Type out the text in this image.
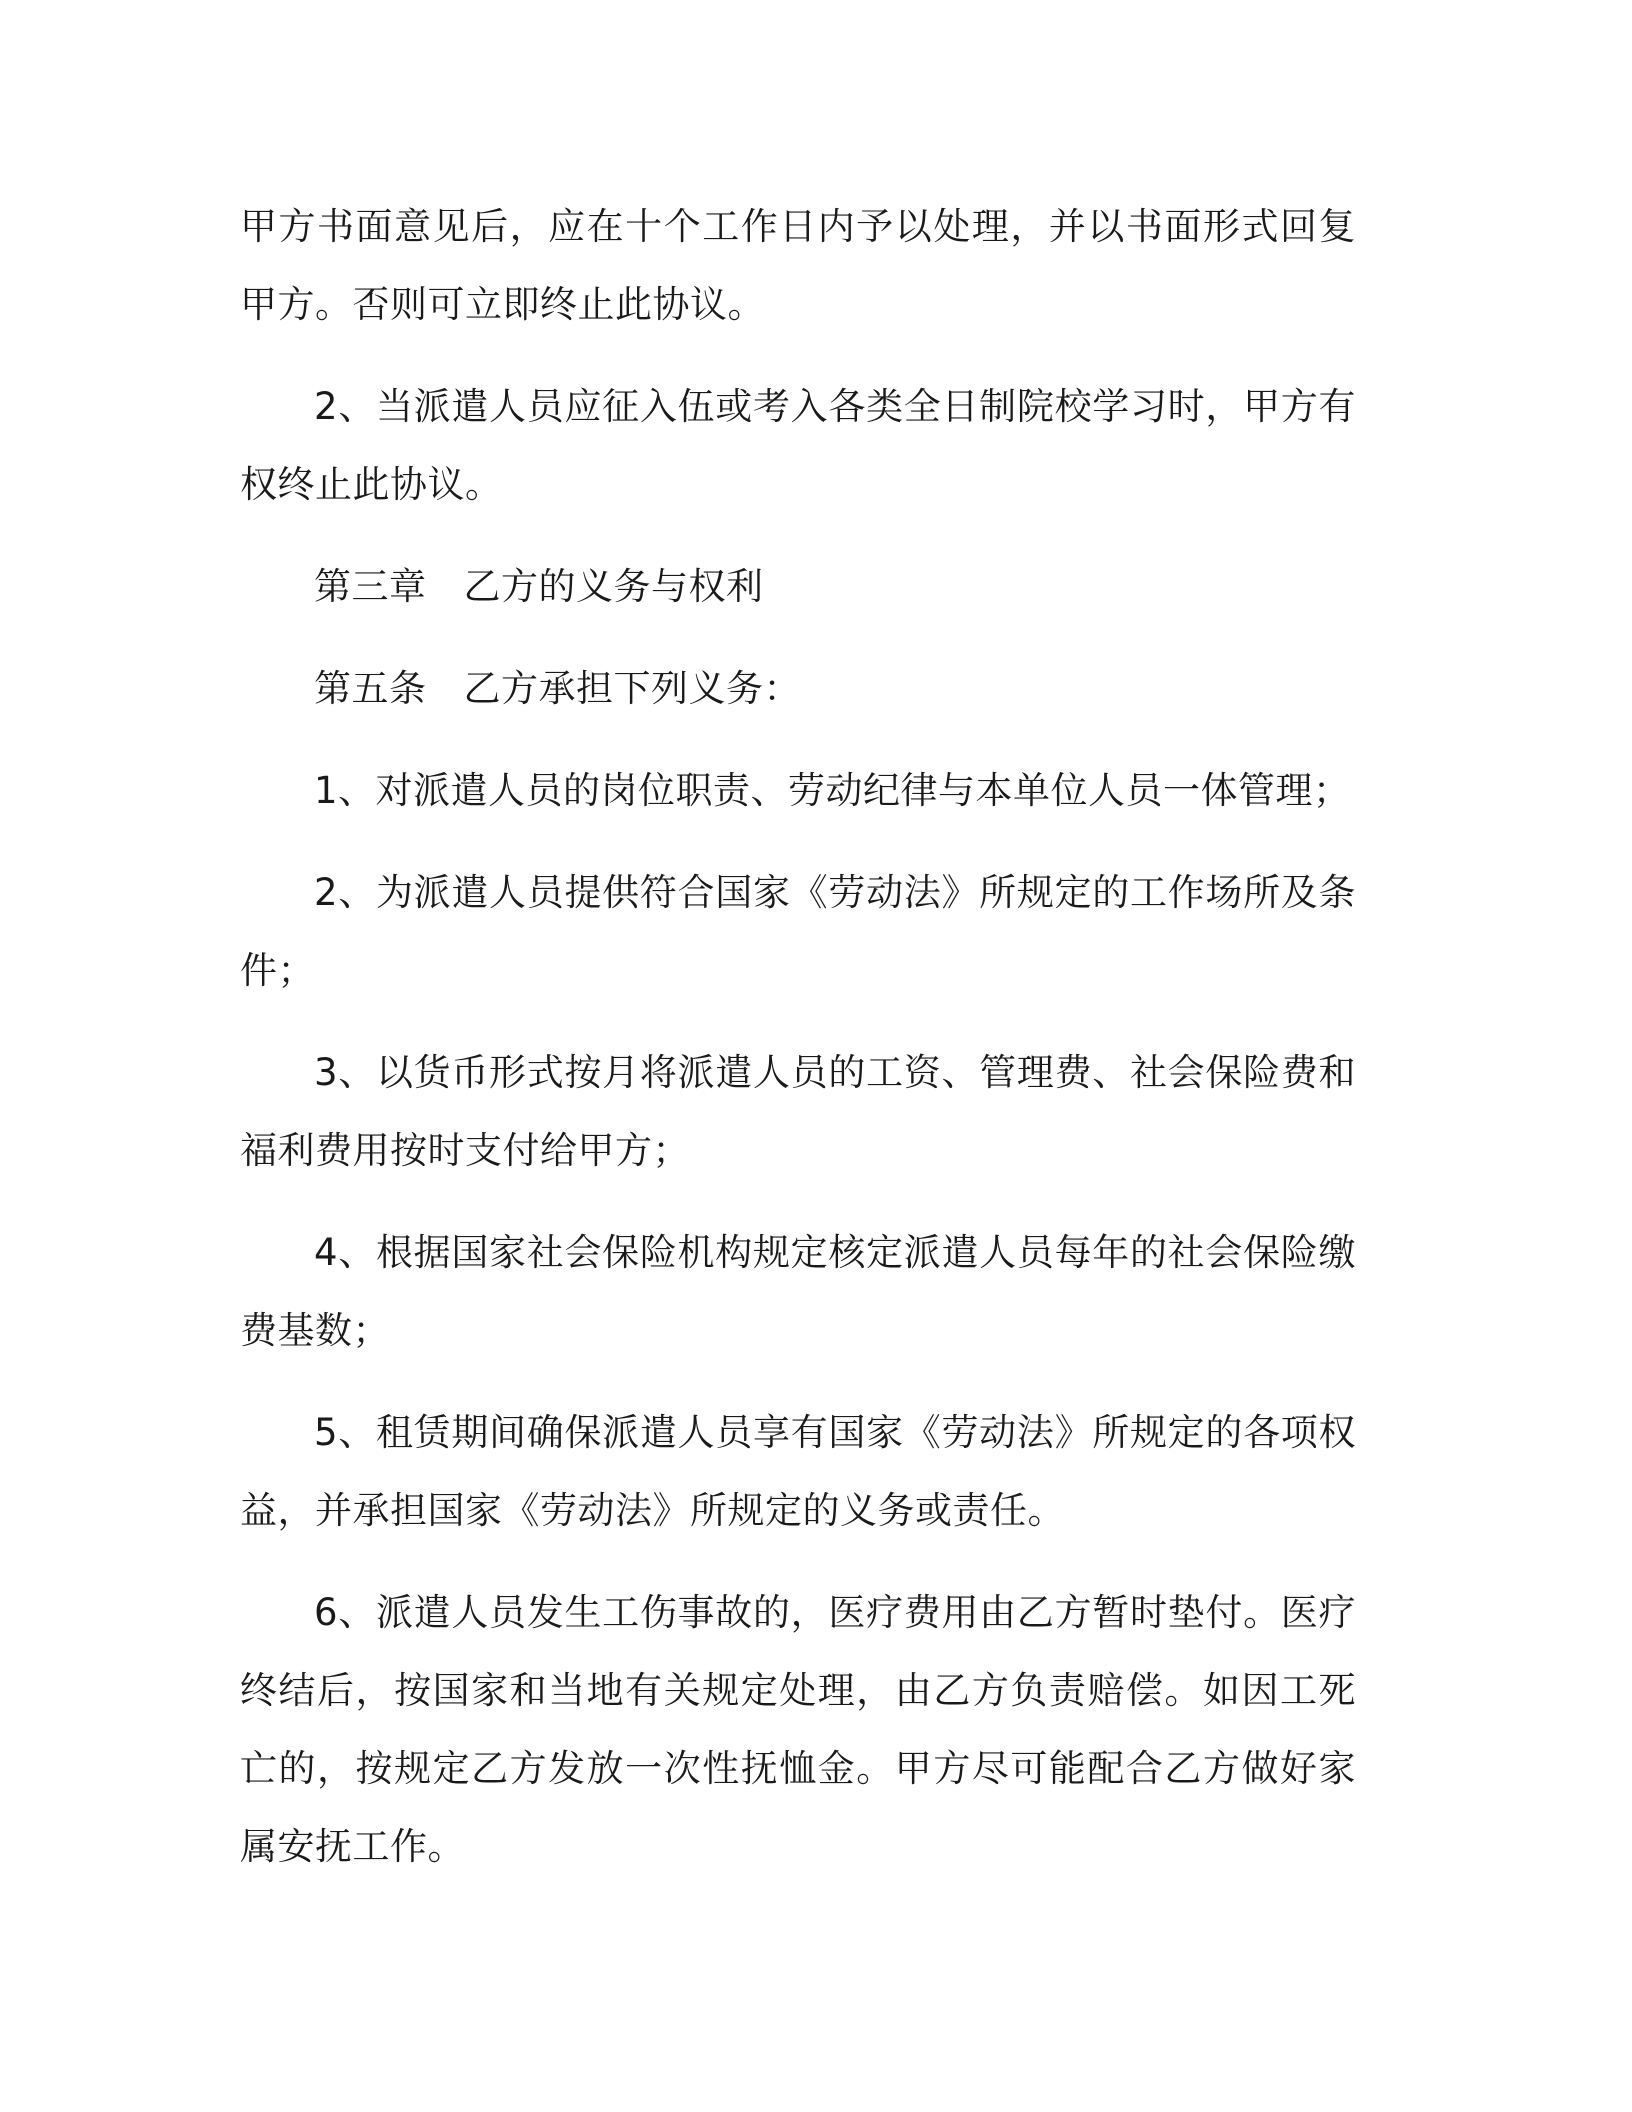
甲方书面意见后，应在十个工作日内予以处理，并以书面形式回复甲方。否则可立即终止此协议。

2、当派遣人员应征入伍或考入各类全日制院校学习时，甲方有权终止此协议。

第三章 乙方的义务与权利

第五条 乙方承担下列义务：

1、对派遣人员的岗位职责、劳动纪律与本单位人员一体管理；

2、为派遣人员提供符合国家《劳动法》所规定的工作场所及条件；

3、以货币形式按月将派遣人员的工资、管理费、社会保险费和福利费用按时支付给甲方；

4、根据国家社会保险机构规定核定派遣人员每年的社会保险缴费基数；

5、租赁期间确保派遣人员享有国家《劳动法》所规定的各项权益，并承担国家《劳动法》所规定的义务或责任。

6、派遣人员发生工伤事故的，医疗费用由乙方暂时垫付。医疗终结后，按国家和当地有关规定处理，由乙方负责赔偿。如因工死亡的，按规定乙方发放一次性抚恤金。甲方尽可能配合乙方做好家属安抚工作。
